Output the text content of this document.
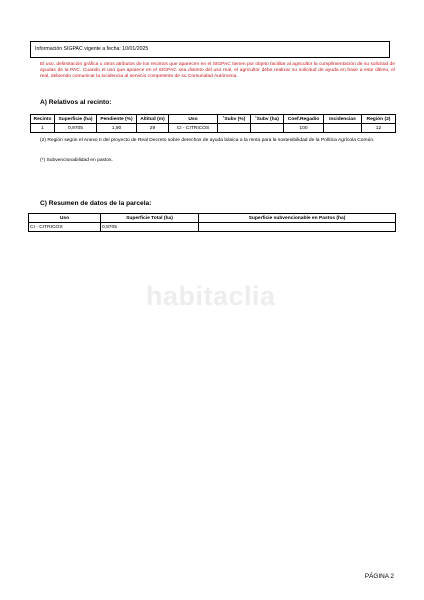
Información SIGPAC vigente a fecha: 10/01/2025
El uso, delimitación gráfica u otros atributos de los recintos que aparecen en el SIGPAC tienen por objeto facilitar al agricultor la cumplimentación de su solicitud de ayudas de la PAC. Cuando el uso que aparece en el SIGPAC sea distinto del uso real, el agricultor debe realizar su solicitud de ayuda en base a este último, el real, debiendo comunicar la incidencia al servicio competente de su Comunidad Autónoma.
A) Relativos al recinto:
Recinto	Superficie (ha)	Pendiente (%)	Altitud (m)	Uso	˚Subv (%)	˚Subv (ha)	Coef.Regadío	Incidencias	Región (2)
1	0,9705	1,90	29	CI - CITRICOS			100		12
(2) Región según el Anexo II del proyecto de Real Decreto sobre derechos de ayuda básica a la renta para la sostenibilidad de la Política Agrícola Común.
(*) Subvencionabilidad en pastos.
C) Resumen de datos de la parcela:
Uso	Superficie Total (ha)	Superficie subvencionable en Pastos (ha)
CI - CITRICOS	0,9705	
habitaclia
PÁGINA 2
